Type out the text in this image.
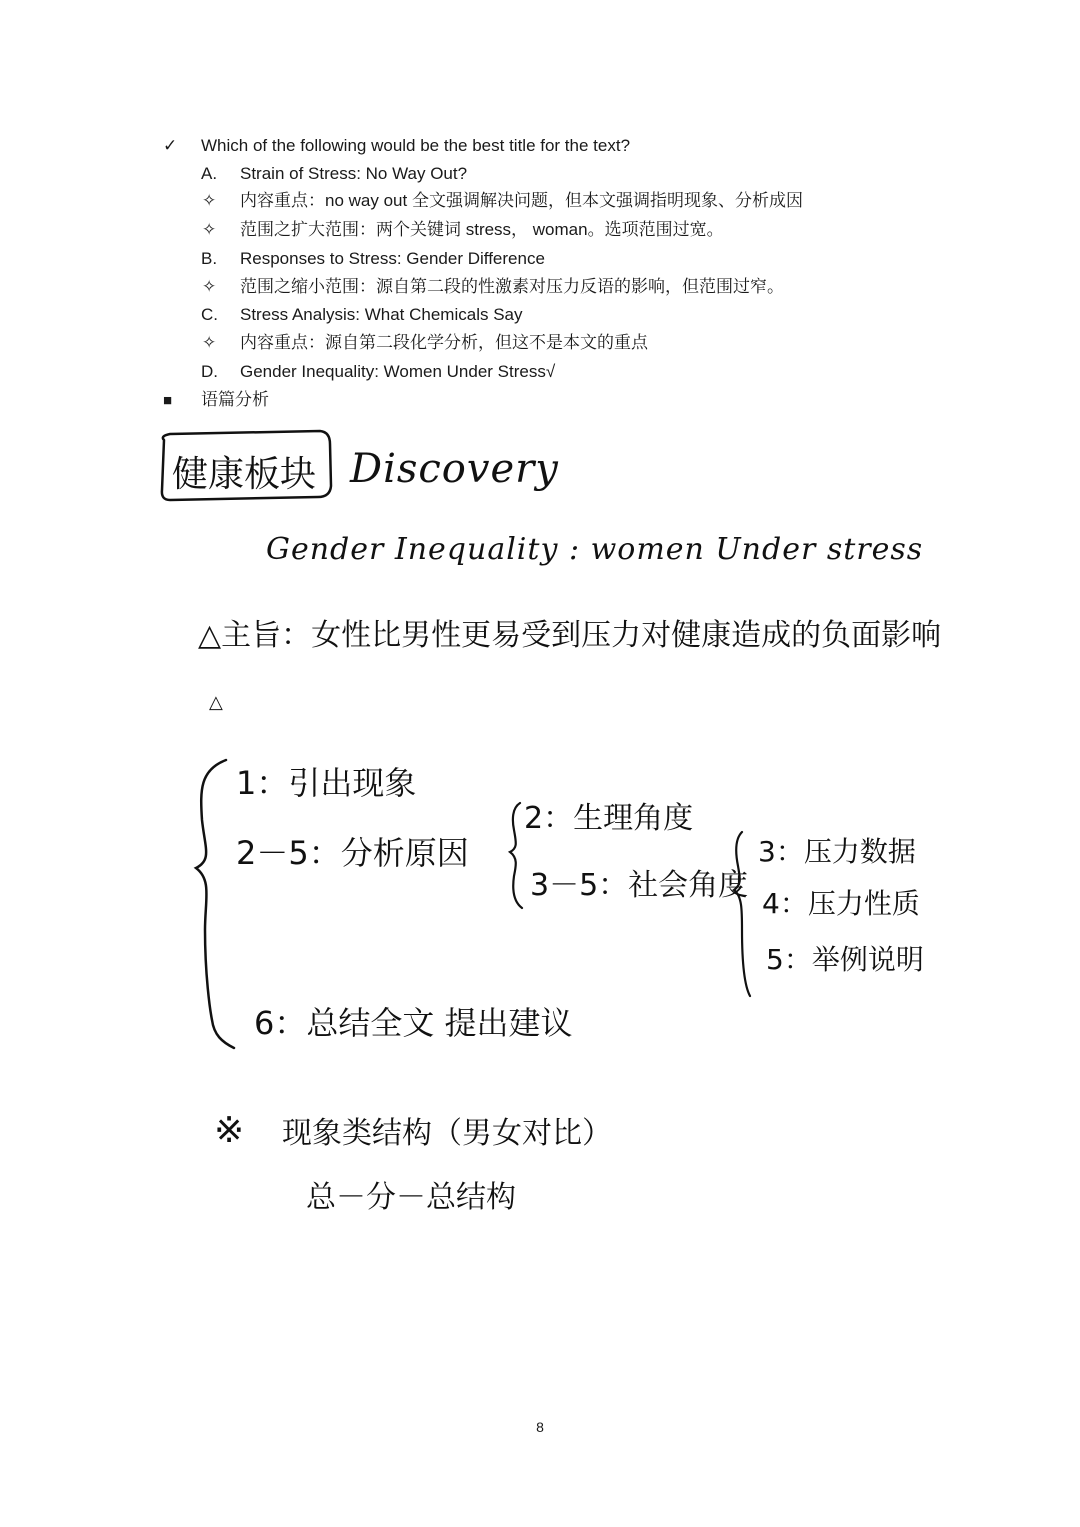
✓ Which of the following would be the best title for the text?
A. Strain of Stress: No Way Out?
✧ 内容重点：no way out 全文强调解决问题，但本文强调指明现象、分析成因
✧ 范围之扩大范围：两个关键词 stress， woman。选项范围过宽。
B. Responses to Stress: Gender Difference
✧ 范围之缩小范围：源自第二段的性激素对压力反语的影响，但范围过窄。
C. Stress Analysis: What Chemicals Say
✧ 内容重点：源自第二段化学分析，但这不是本文的重点
D. Gender Inequality: Women Under Stress√
■ 语篇分析
健康板块 Discovery
Gender Inequality : women Under stress
△主旨：女性比男性更易受到压力对健康造成的负面影响
△
1：引出现象
2－5：分析原因
2：生理角度
3－5：社会角度
3：压力数据
4：压力性质
5：举例说明
6：总结全文 提出建议
※ 现象类结构（男女对比）
总－分－总结构
8
